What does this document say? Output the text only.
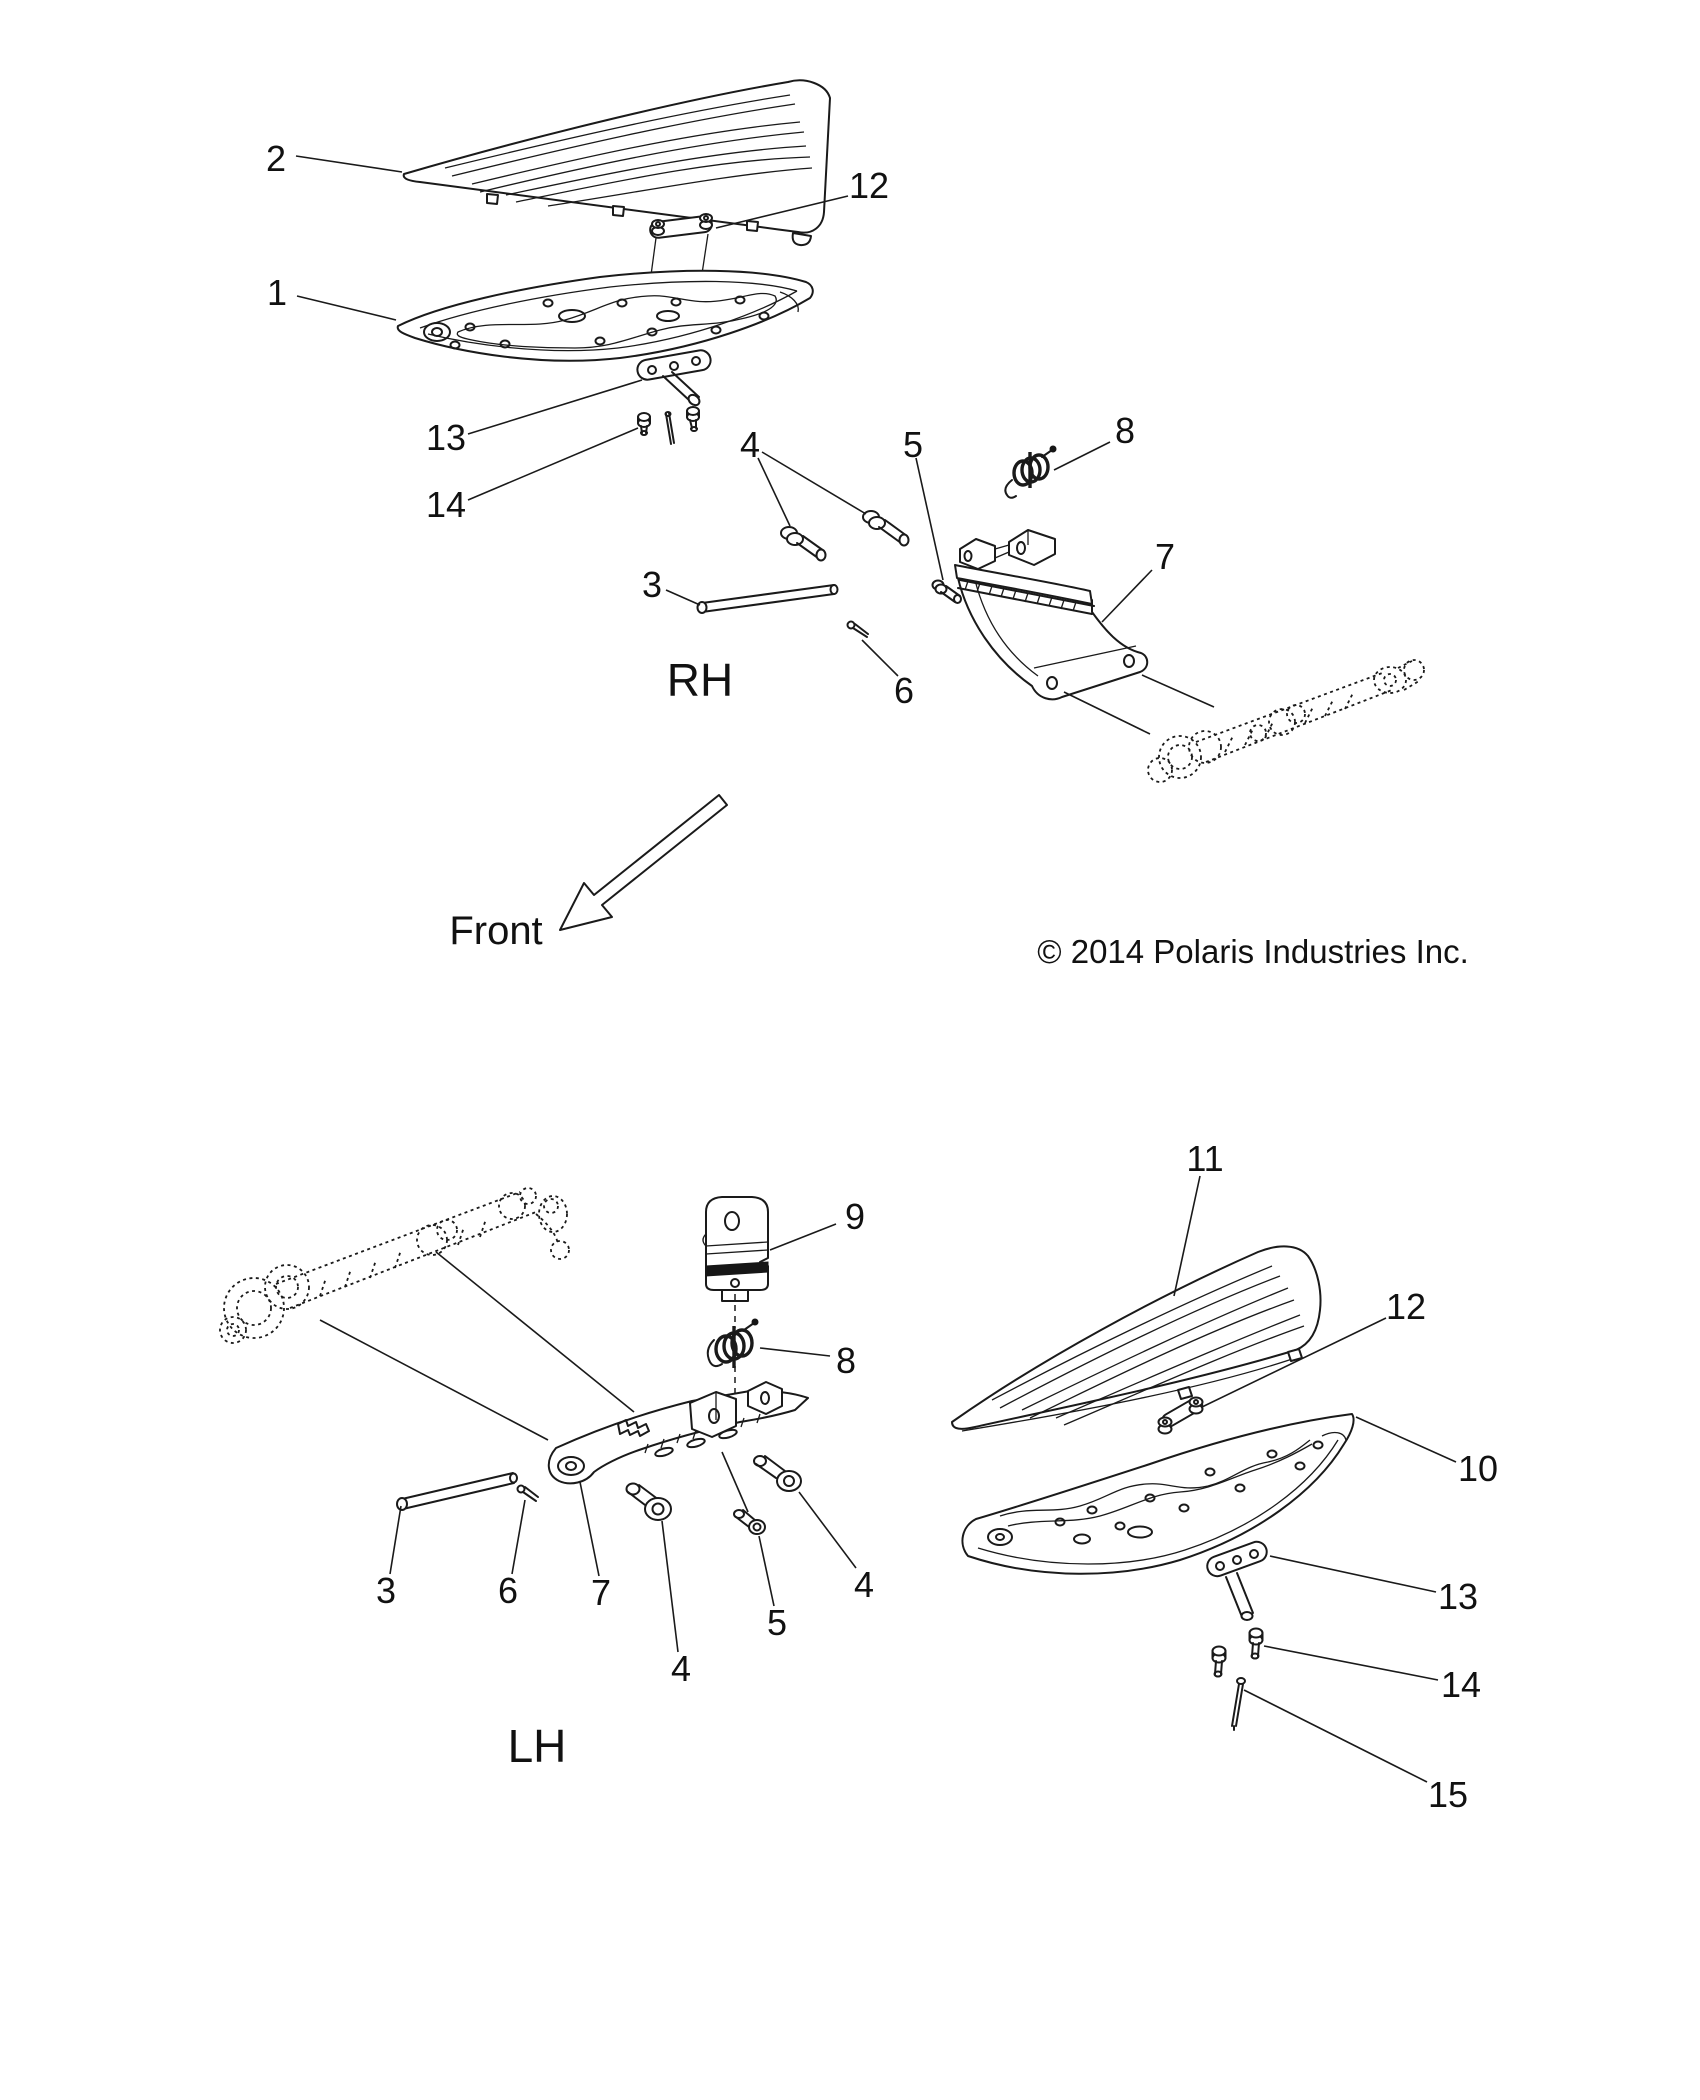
2
1
12
13
14
4	5	8
3
6
7
RH
Front	© 2014 Polaris Industries Inc.
9
8
3	6 7
4
5
4
LH
11
12
10
13
14
15
